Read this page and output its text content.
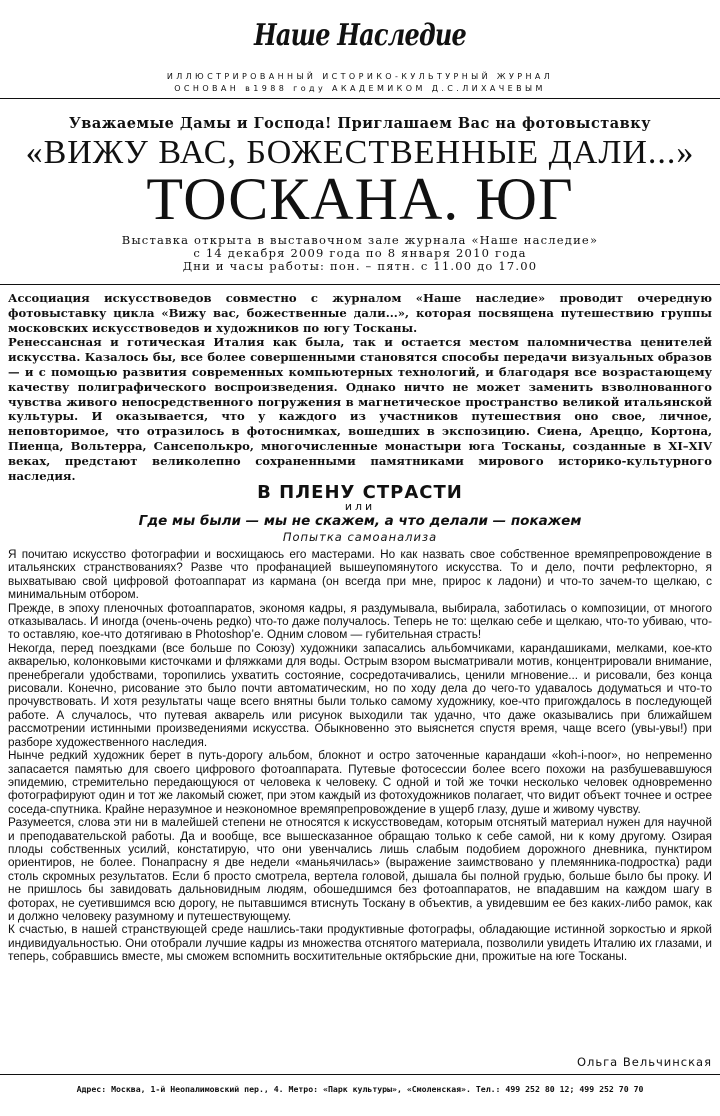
Наше Наследие
ИЛЛЮСТРИРОВАННЫЙ ИСТОРИКО-КУЛЬТУРНЫЙ ЖУРНАЛ
ОСНОВАН в1988 году АКАДЕМИКОМ Д.С.ЛИХАЧЕВЫМ
Уважаемые Дамы и Господа! Приглашаем Вас на фотовыставку
«ВИЖУ ВАС, БОЖЕСТВЕННЫЕ ДАЛИ...»
ТОСКАНА. ЮГ
Выставка открыта в выставочном зале журнала «Наше наследие»
с 14 декабря 2009 года по 8 января 2010 года
Дни и часы работы: пон. – пятн. с 11.00 до 17.00

Ассоциация искусствоведов совместно с журналом «Наше наследие» проводит очередную фотовыставку цикла «Вижу вас, божественные дали...», которая посвящена путешествию группы московских искусствоведов и художников по югу Тосканы.

Ренессансная и готическая Италия как была, так и остается местом паломничества ценителей искусства. Казалось бы, все более совершенными становятся способы передачи визуальных образов — и с помощью развития современных компьютерных технологий, и благодаря все возрастающему качеству полиграфического воспроизведения. Однако ничто не может заменить взволнованного чувства живого непосредственного погружения в магнетическое пространство великой итальянской культуры. И оказывается, что у каждого из участников путешествия оно свое, личное, неповторимое, что отразилось в фотоснимках, вошедших в экспозицию. Сиена, Ареццо, Кортона, Пиенца, Вольтерра, Сансеполькро, многочисленные монастыри юга Тосканы, созданные в XI–XIV веках, предстают великолепно сохраненными памятниками мирового историко-культурного наследия.

В ПЛЕНУ СТРАСТИ
или
Где мы были — мы не скажем, а что делали — покажем
Попытка самоанализа

Я почитаю искусство фотографии и восхищаюсь его мастерами. Но как назвать свое собственное времяпрепровождение в итальянских странствованиях? Разве что профанацией вышеупомянутого искусства. То и дело, почти рефлекторно, я выхватываю свой цифровой фотоаппарат из кармана (он всегда при мне, прирос к ладони) и что-то зачем-то щелкаю, с минимальным отбором.

Прежде, в эпоху пленочных фотоаппаратов, экономя кадры, я раздумывала, выбирала, заботилась о композиции, от многого отказывалась. И иногда (очень-очень редко) что-то даже получалось. Теперь не то: щелкаю себе и щелкаю, что-то убиваю, что-то оставляю, кое-что дотягиваю в Photoshop’e. Одним словом — губительная страсть!

Некогда, перед поездками (все больше по Союзу) художники запасались альбомчиками, карандашиками, мелками, кое-кто акварелью, колонковыми кисточками и фляжками для воды. Острым взором высматривали мотив, концентрировали внимание, пренебрегали удобствами, торопились ухватить состояние, сосредотачивались, ценили мгновение... и рисовали, без конца рисовали. Конечно, рисование это было почти автоматическим, но по ходу дела до чего-то удавалось додуматься и что-то прочувствовать. И хотя результаты чаще всего внятны были только самому художнику, кое-что пригождалось в последующей работе. А случалось, что путевая акварель или рисунок выходили так удачно, что даже оказывались при ближайшем рассмотрении истинными произведениями искусства. Обыкновенно это выяснется спустя время, чаще всего (увы-увы!) при разборе художественного наследия.

Нынче редкий художник берет в путь-дорогу альбом, блокнот и остро заточенные карандаши «koh-i-noor», но непременно запасается памятью для своего цифрового фотоаппарата. Путевые фотосессии более всего похожи на разбушевавшуюся эпидемию, стремительно передающуюся от человека к человеку. С одной и той же точки несколько человек одновременно фотографируют один и тот же лакомый сюжет, при этом каждый из фотохудожников полагает, что видит объект точнее и острее соседа-спутника. Крайне неразумное и неэкономное времяпрепровождение в ущерб глазу, душе и живому чувству.

Разумеется, слова эти ни в малейшей степени не относятся к искусствоведам, которым отснятый материал нужен для научной и преподавательской работы. Да и вообще, все вышесказанное обращаю только к себе самой, ни к кому другому. Озирая плоды собственных усилий, констатирую, что они увенчались лишь слабым подобием дорожного дневника, пунктиром ориентиров, не более. Понапрасну я две недели «маньячилась» (выражение заимствовано у племянника-подростка) ради столь скромных результатов. Если б просто смотрела, вертела головой, дышала бы полной грудью, больше было бы проку. И не пришлось бы завидовать дальновидным людям, обошедшимся без фотоаппаратов, не впадавшим на каждом шагу в фоторах, не суетившимся всю дорогу, не пытавшимся втиснуть Тоскану в объектив, а увидевшим ее без каких-либо рамок, как и должно человеку разумному и путешествующему.

К счастью, в нашей странствующей среде нашлись-таки продуктивные фотографы, обладающие истинной зоркостью и яркой индивидуальностью. Они отобрали лучшие кадры из множества отснятого материала, позволили увидеть Италию их глазами, и теперь, собравшись вместе, мы сможем вспомнить восхитительные октябрьские дни, прожитые на юге Тосканы.

Ольга Вельчинская
Адрес: Москва, 1-й Неопалимовский пер., 4. Метро: «Парк культуры», «Смоленская». Тел.: 499 252 80 12; 499 252 70 70
